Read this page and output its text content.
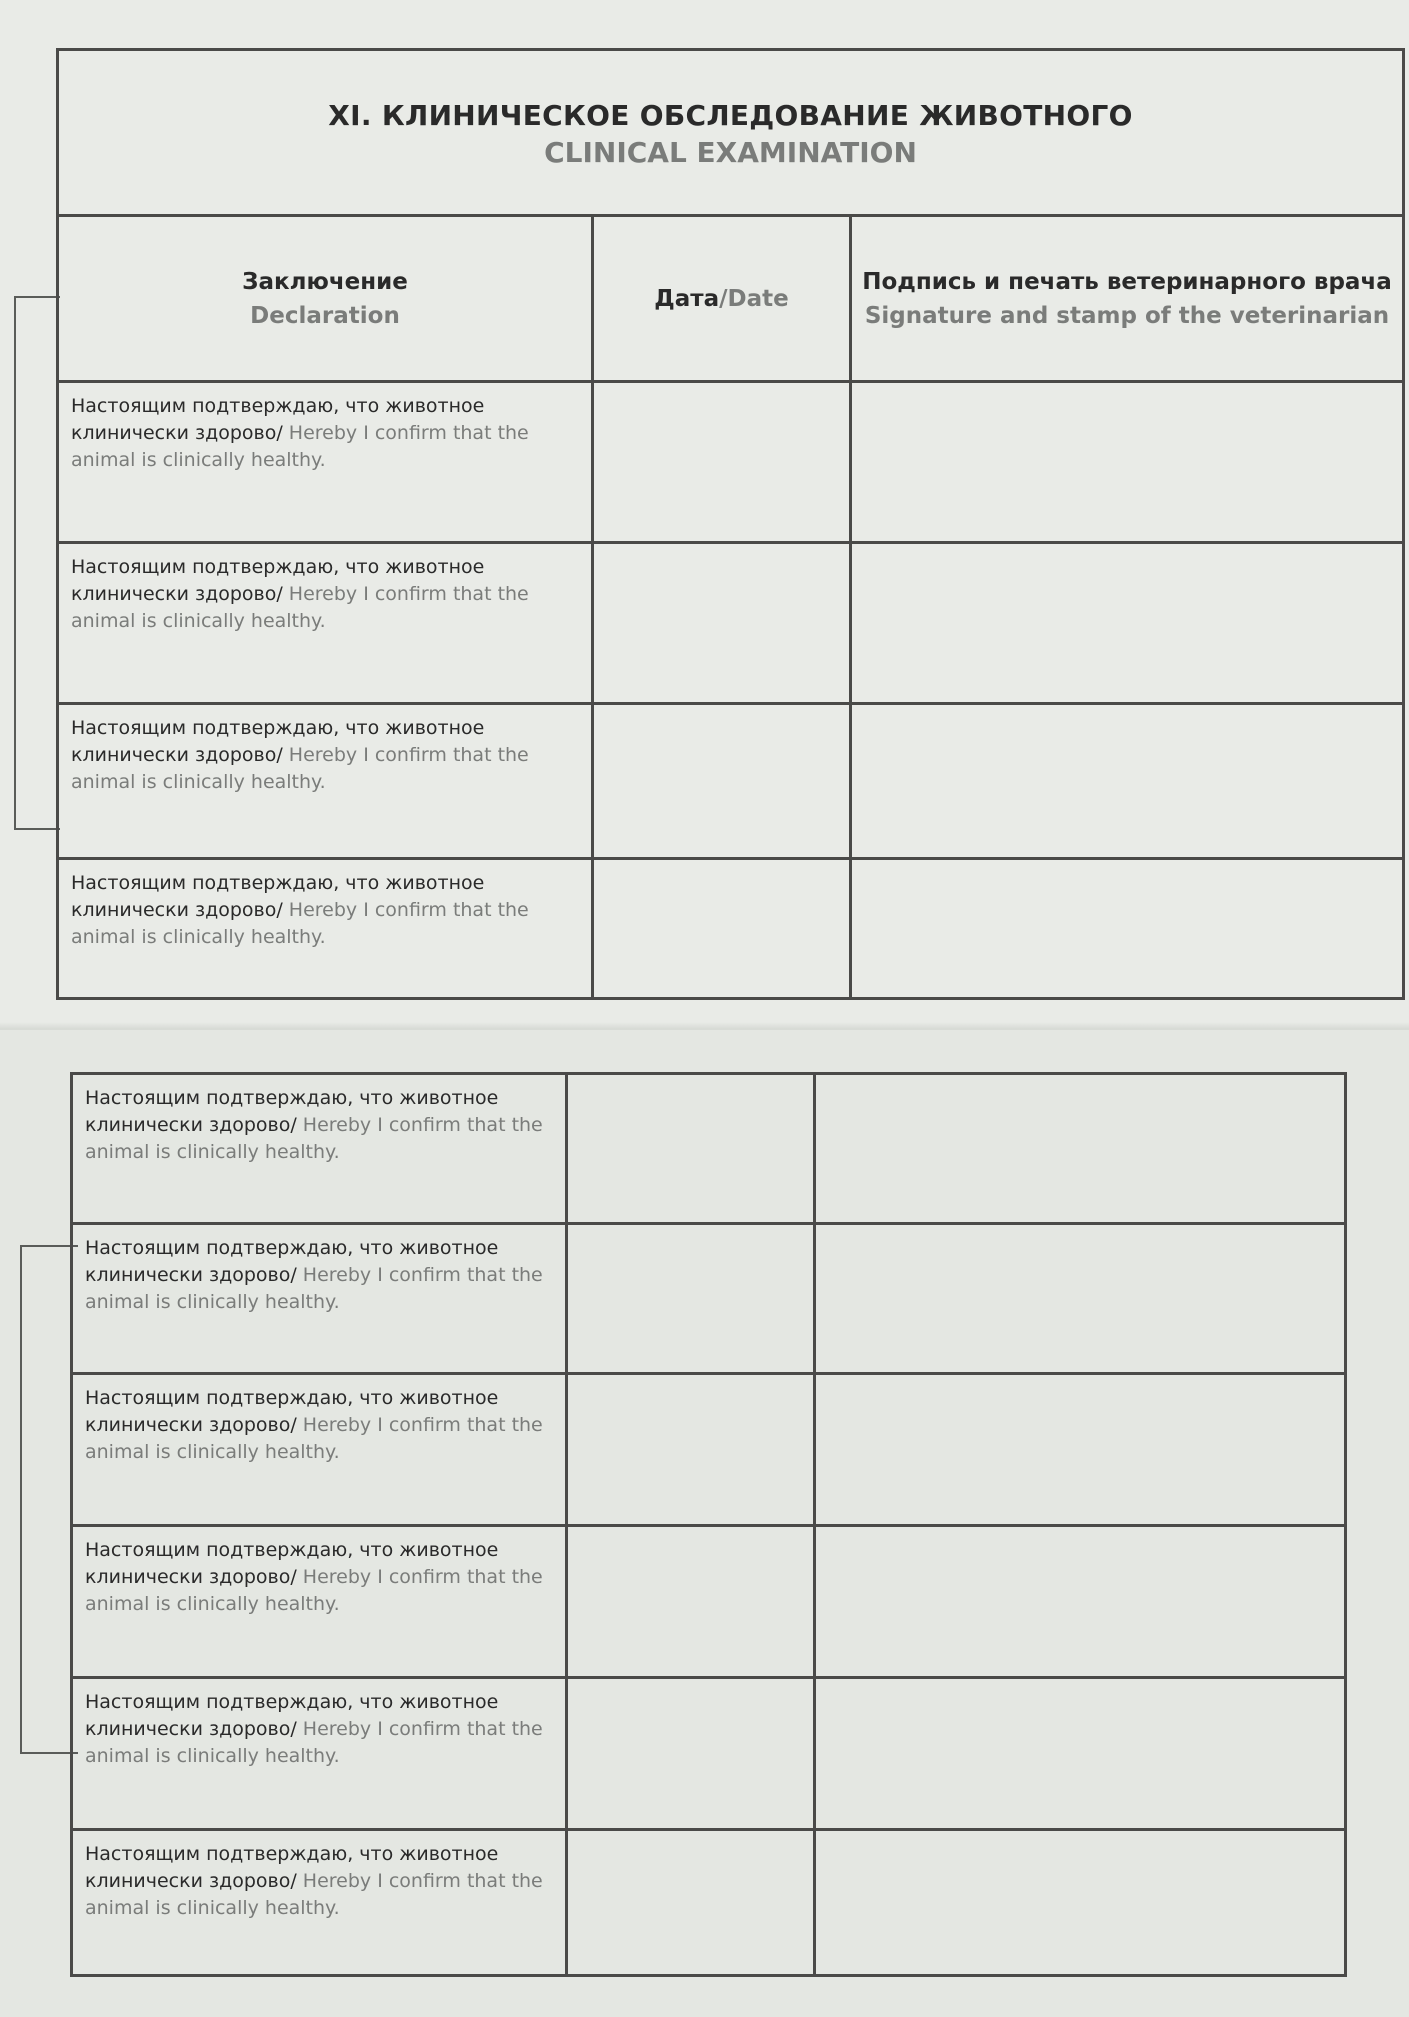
XI. КЛИНИЧЕСКОЕ ОБСЛЕДОВАНИЕ ЖИВОТНОГО
CLINICAL EXAMINATION
Заключение
Declaration
Дата/Date
Подпись и печать ветеринарного врача
Signature and stamp of the veterinarian
Настоящим подтверждаю, что животное клинически здорово/ Hereby I confirm that the animal is clinically healthy.
Настоящим подтверждаю, что животное клинически здорово/ Hereby I confirm that the animal is clinically healthy.
Настоящим подтверждаю, что животное клинически здорово/ Hereby I confirm that the animal is clinically healthy.
Настоящим подтверждаю, что животное клинически здорово/ Hereby I confirm that the animal is clinically healthy.
Настоящим подтверждаю, что животное клинически здорово/ Hereby I confirm that the animal is clinically healthy.
Настоящим подтверждаю, что животное клинически здорово/ Hereby I confirm that the animal is clinically healthy.
Настоящим подтверждаю, что животное клинически здорово/ Hereby I confirm that the animal is clinically healthy.
Настоящим подтверждаю, что животное клинически здорово/ Hereby I confirm that the animal is clinically healthy.
Настоящим подтверждаю, что животное клинически здорово/ Hereby I confirm that the animal is clinically healthy.
Настоящим подтверждаю, что животное клинически здорово/ Hereby I confirm that the animal is clinically healthy.
